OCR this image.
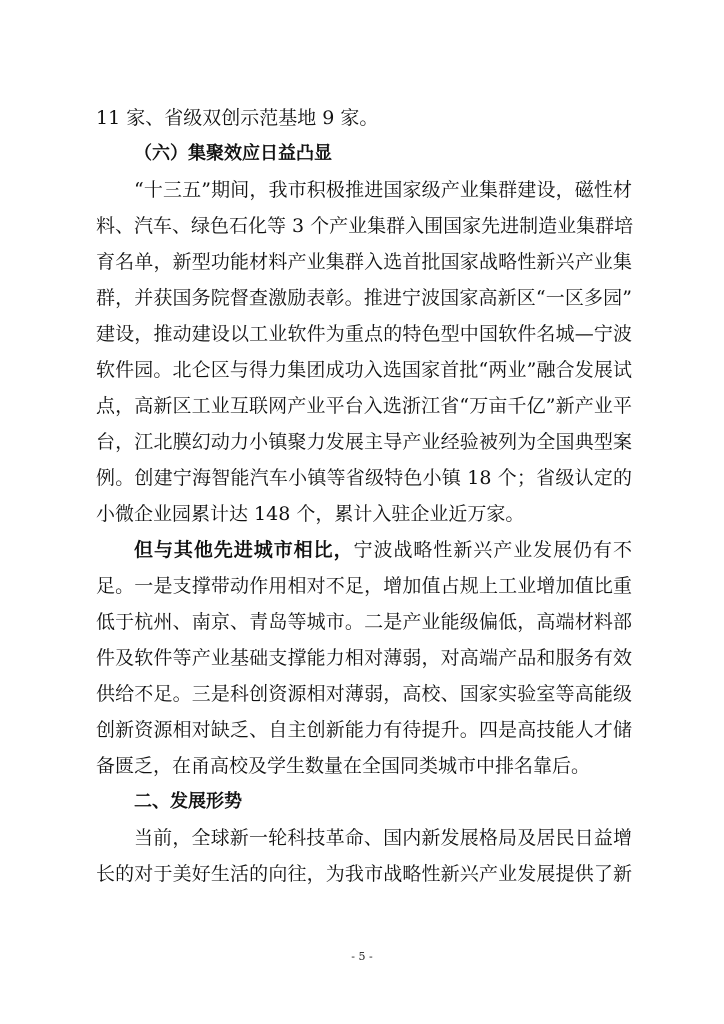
11 家、省级双创示范基地 9 家。
（六）集聚效应日益凸显
“十三五”期间，我市积极推进国家级产业集群建设，磁性材
料、汽车、绿色石化等 3 个产业集群入围国家先进制造业集群培
育名单，新型功能材料产业集群入选首批国家战略性新兴产业集
群，并获国务院督查激励表彰。推进宁波国家高新区“一区多园”
建设，推动建设以工业软件为重点的特色型中国软件名城—宁波
软件园。北仑区与得力集团成功入选国家首批“两业”融合发展试
点，高新区工业互联网产业平台入选浙江省“万亩千亿”新产业平
台，江北膜幻动力小镇聚力发展主导产业经验被列为全国典型案
例。创建宁海智能汽车小镇等省级特色小镇 18 个；省级认定的
小微企业园累计达 148 个，累计入驻企业近万家。
但与其他先进城市相比，宁波战略性新兴产业发展仍有不
足。一是支撑带动作用相对不足，增加值占规上工业增加值比重
低于杭州、南京、青岛等城市。二是产业能级偏低，高端材料部
件及软件等产业基础支撑能力相对薄弱，对高端产品和服务有效
供给不足。三是科创资源相对薄弱，高校、国家实验室等高能级
创新资源相对缺乏、自主创新能力有待提升。四是高技能人才储
备匮乏，在甬高校及学生数量在全国同类城市中排名靠后。
二、发展形势
当前，全球新一轮科技革命、国内新发展格局及居民日益增
长的对于美好生活的向往，为我市战略性新兴产业发展提供了新
- 5 -
